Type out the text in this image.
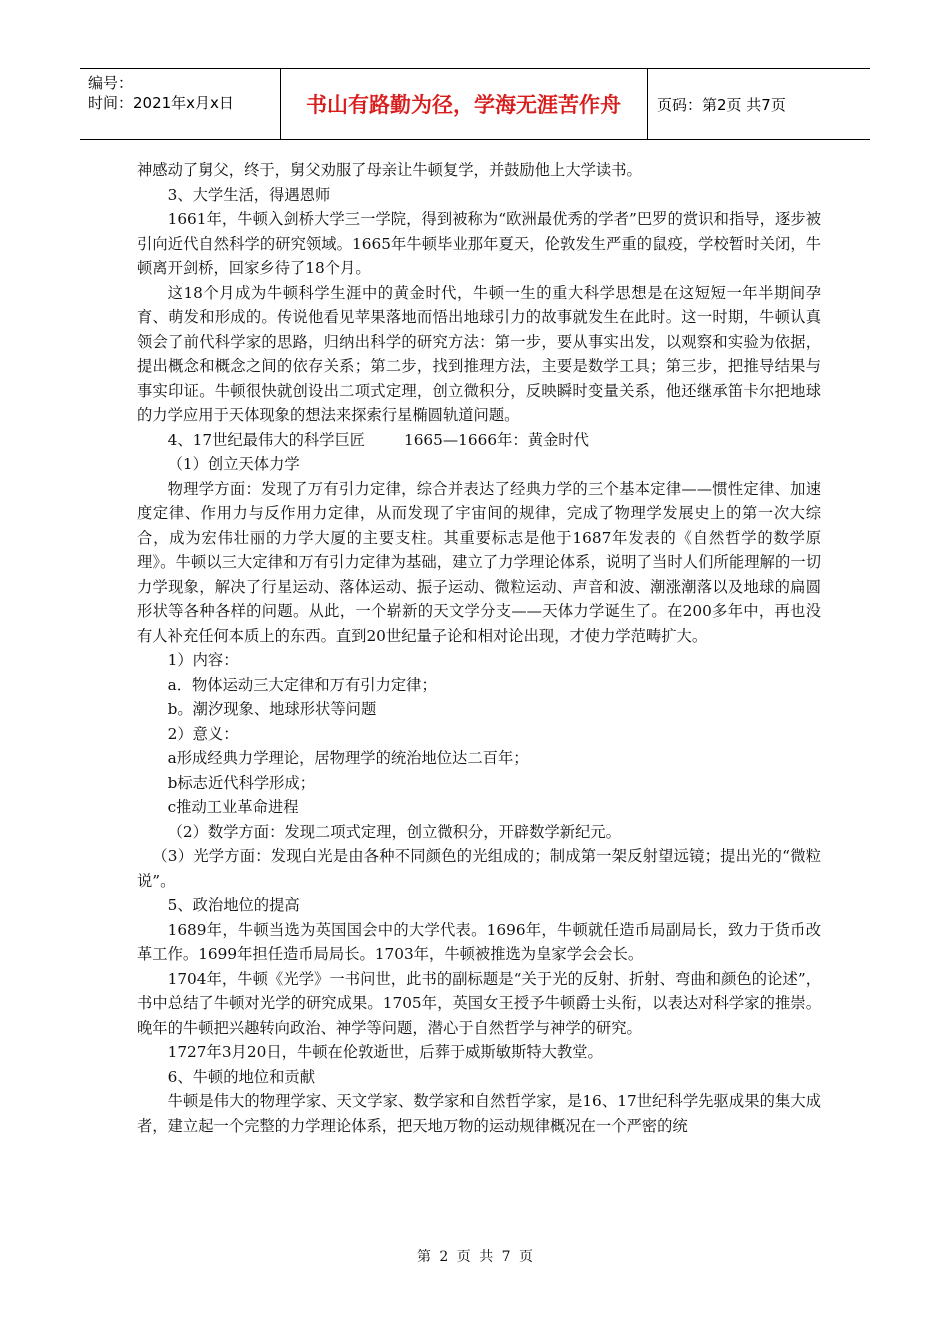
编号：
时间：2021年x月x日	书山有路勤为径，学海无涯苦作舟	页码：第2页 共7页

神感动了舅父，终于，舅父劝服了母亲让牛顿复学，并鼓励他上大学读书。

3、大学生活，得遇恩师

1661年，牛顿入剑桥大学三一学院，得到被称为“欧洲最优秀的学者”巴罗的赏识和指导，逐步被引向近代自然科学的研究领域。1665年牛顿毕业那年夏天，伦敦发生严重的鼠疫，学校暂时关闭，牛顿离开剑桥，回家乡待了18个月。

这18个月成为牛顿科学生涯中的黄金时代，牛顿一生的重大科学思想是在这短短一年半期间孕育、萌发和形成的。传说他看见苹果落地而悟出地球引力的故事就发生在此时。这一时期，牛顿认真领会了前代科学家的思路，归纳出科学的研究方法：第一步，要从事实出发，以观察和实验为依据，提出概念和概念之间的依存关系；第二步，找到推理方法，主要是数学工具；第三步，把推导结果与事实印证。牛顿很快就创设出二项式定理，创立微积分，反映瞬时变量关系，他还继承笛卡尔把地球的力学应用于天体现象的想法来探索行星椭圆轨道问题。

4、17世纪最伟大的科学巨匠        1665—1666年：黄金时代

（1）创立天体力学

物理学方面：发现了万有引力定律，综合并表达了经典力学的三个基本定律——惯性定律、加速度定律、作用力与反作用力定律，从而发现了宇宙间的规律，完成了物理学发展史上的第一次大综合，成为宏伟壮丽的力学大厦的主要支柱。其重要标志是他于1687年发表的《自然哲学的数学原理》。牛顿以三大定律和万有引力定律为基础，建立了力学理论体系，说明了当时人们所能理解的一切力学现象，解决了行星运动、落体运动、振子运动、微粒运动、声音和波、潮涨潮落以及地球的扁圆形状等各种各样的问题。从此，一个崭新的天文学分支——天体力学诞生了。在200多年中，再也没有人补充任何本质上的东西。直到20世纪量子论和相对论出现，才使力学范畴扩大。

1）内容：

a．物体运动三大定律和万有引力定律；

b。潮汐现象、地球形状等问题

2）意义：

a形成经典力学理论，居物理学的统治地位达二百年；

b标志近代科学形成；

c推动工业革命进程

（2）数学方面：发现二项式定理，创立微积分，开辟数学新纪元。

（3）光学方面：发现白光是由各种不同颜色的光组成的；制成第一架反射望远镜；提出光的“微粒说”。

5、政治地位的提高

1689年，牛顿当选为英国国会中的大学代表。1696年，牛顿就任造币局副局长，致力于货币改革工作。1699年担任造币局局长。1703年，牛顿被推选为皇家学会会长。

1704年，牛顿《光学》一书问世，此书的副标题是“关于光的反射、折射、弯曲和颜色的论述”，书中总结了牛顿对光学的研究成果。1705年，英国女王授予牛顿爵士头衔，以表达对科学家的推崇。晚年的牛顿把兴趣转向政治、神学等问题，潜心于自然哲学与神学的研究。

1727年3月20日，牛顿在伦敦逝世，后葬于威斯敏斯特大教堂。

6、牛顿的地位和贡献

牛顿是伟大的物理学家、天文学家、数学家和自然哲学家，是16、17世纪科学先驱成果的集大成者，建立起一个完整的力学理论体系，把天地万物的运动规律概况在一个严密的统

第 2 页 共 7 页
